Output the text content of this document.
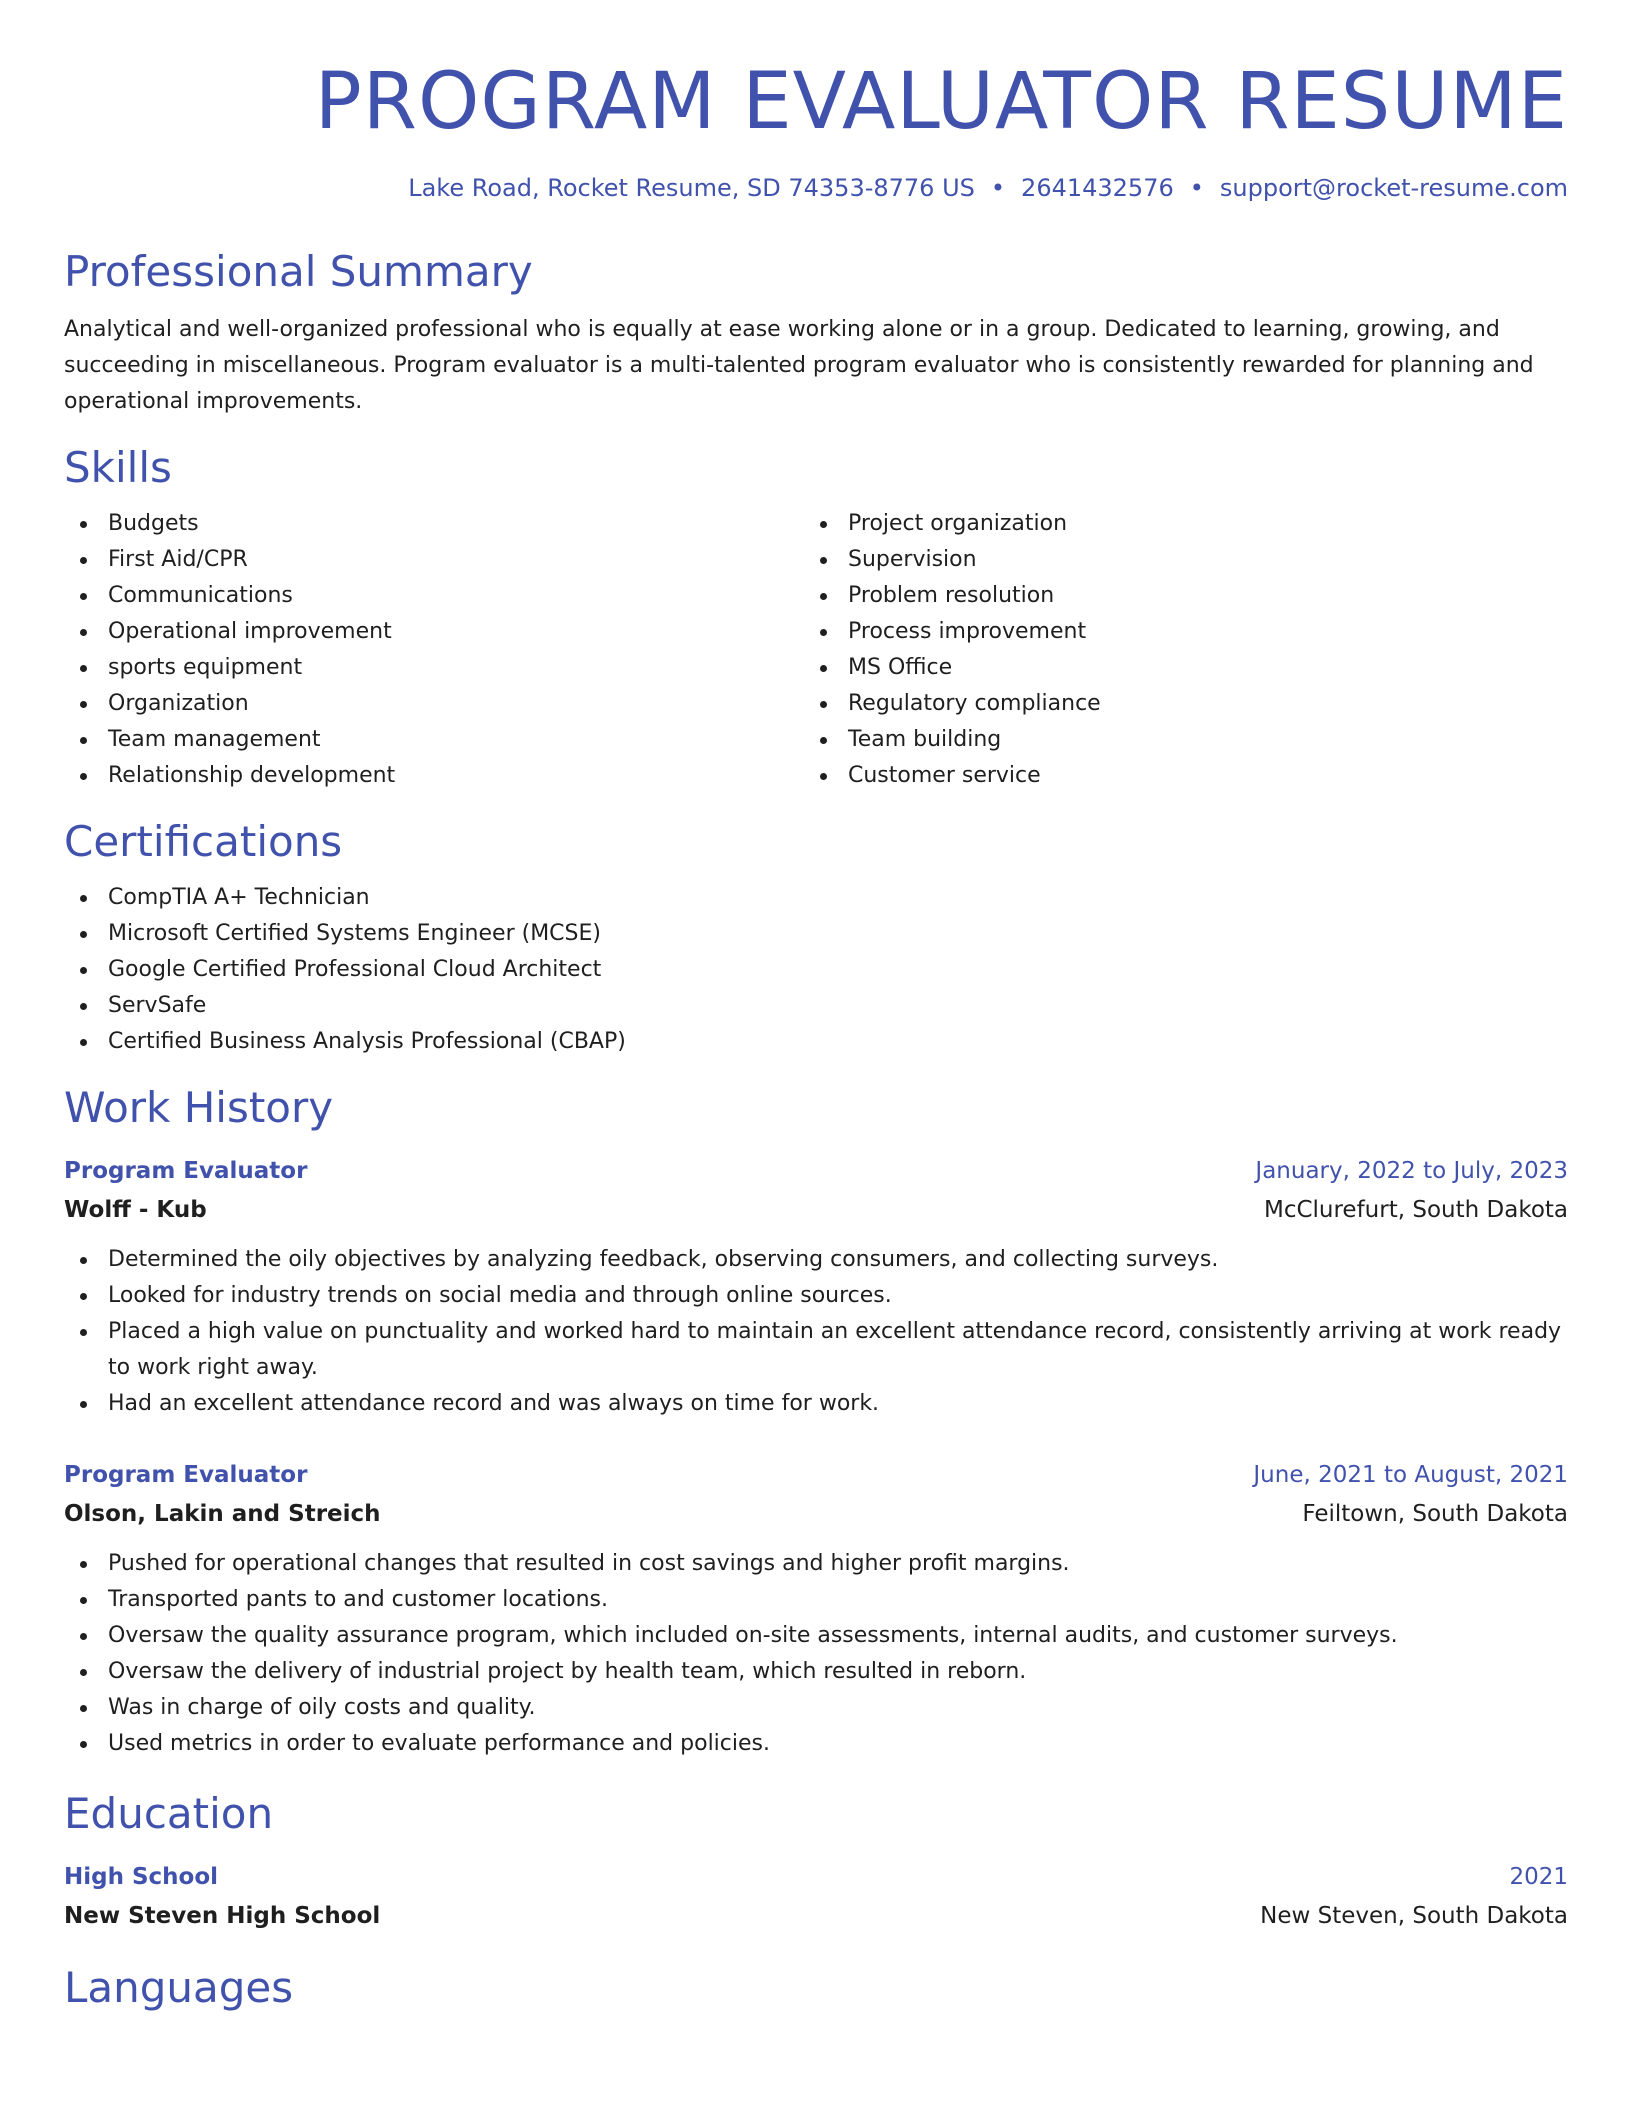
PROGRAM EVALUATOR RESUME
Lake Road, Rocket Resume, SD 74353-8776 US • 2641432576 • support@rocket-resume.com
Professional Summary

Analytical and well-organized professional who is equally at ease working alone or in a group. Dedicated to learning, growing, and succeeding in miscellaneous. Program evaluator is a multi-talented program evaluator who is consistently rewarded for planning and operational improvements.

Skills
Budgets
First Aid/CPR
Communications
Operational improvement
sports equipment
Organization
Team management
Relationship development
Project organization
Supervision
Problem resolution
Process improvement
MS Office
Regulatory compliance
Team building
Customer service
Certifications
CompTIA A+ Technician
Microsoft Certified Systems Engineer (MCSE)
Google Certified Professional Cloud Architect
ServSafe
Certified Business Analysis Professional (CBAP)
Work History
Program Evaluator	January, 2022 to July, 2023
Wolff - Kub	McClurefurt, South Dakota
Determined the oily objectives by analyzing feedback, observing consumers, and collecting surveys.
Looked for industry trends on social media and through online sources.
Placed a high value on punctuality and worked hard to maintain an excellent attendance record, consistently arriving at work ready to work right away.
Had an excellent attendance record and was always on time for work.
Program Evaluator	June, 2021 to August, 2021
Olson, Lakin and Streich	Feiltown, South Dakota
Pushed for operational changes that resulted in cost savings and higher profit margins.
Transported pants to and customer locations.
Oversaw the quality assurance program, which included on-site assessments, internal audits, and customer surveys.
Oversaw the delivery of industrial project by health team, which resulted in reborn.
Was in charge of oily costs and quality.
Used metrics in order to evaluate performance and policies.
Education
High School	2021
New Steven High School	New Steven, South Dakota
Languages
